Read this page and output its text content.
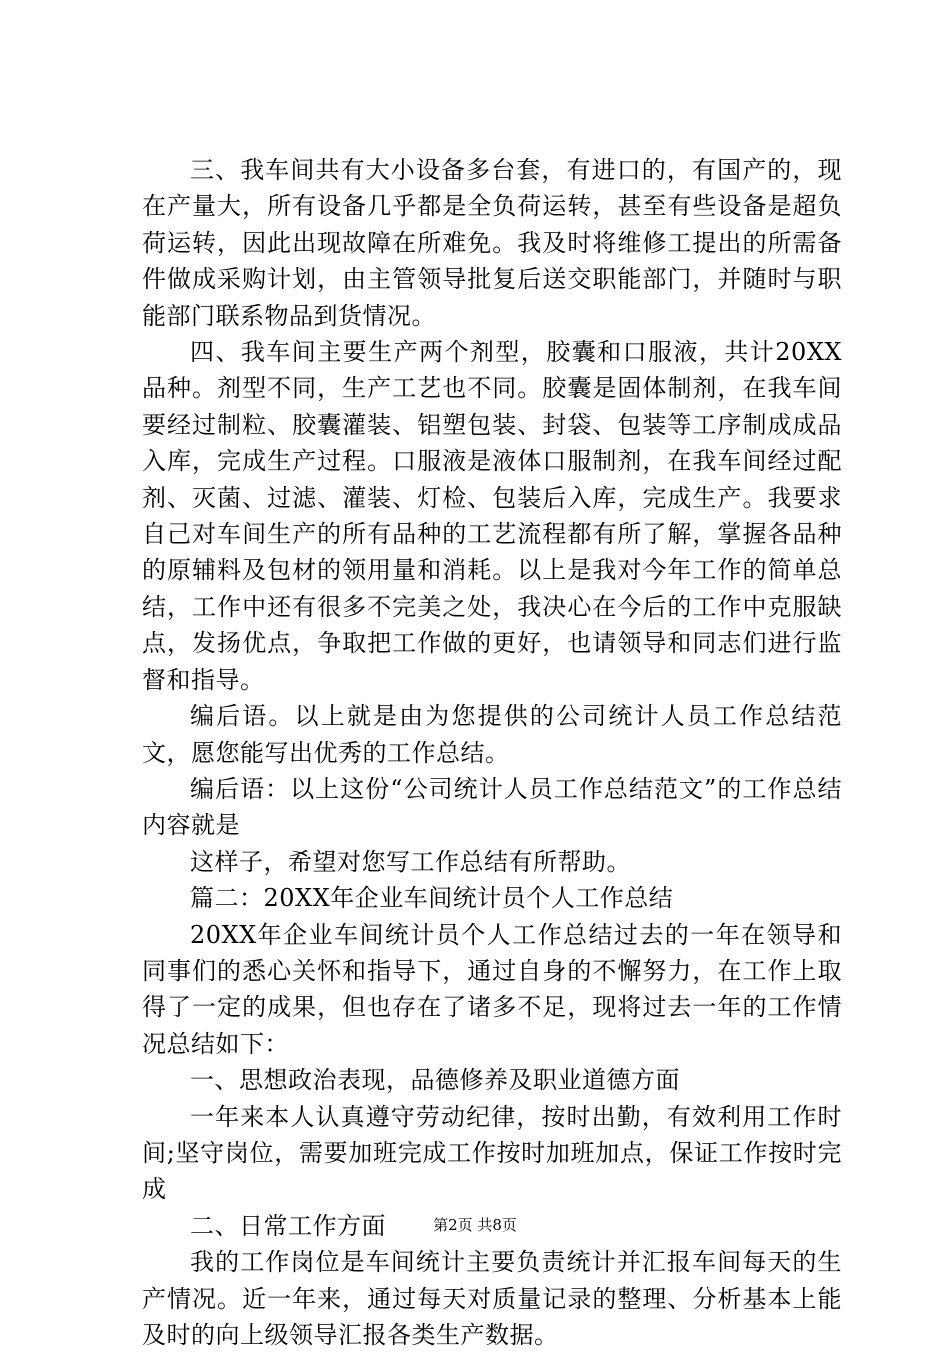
三、我车间共有大小设备多台套，有进口的，有国产的，现在产量大，所有设备几乎都是全负荷运转，甚至有些设备是超负荷运转，因此出现故障在所难免。我及时将维修工提出的所需备件做成采购计划，由主管领导批复后送交职能部门，并随时与职能部门联系物品到货情况。

四、我车间主要生产两个剂型，胶囊和口服液，共计20XX品种。剂型不同，生产工艺也不同。胶囊是固体制剂，在我车间要经过制粒、胶囊灌装、铝塑包装、封袋、包装等工序制成成品入库，完成生产过程。口服液是液体口服制剂，在我车间经过配剂、灭菌、过滤、灌装、灯检、包装后入库，完成生产。我要求自己对车间生产的所有品种的工艺流程都有所了解，掌握各品种的原辅料及包材的领用量和消耗。以上是我对今年工作的简单总结，工作中还有很多不完美之处，我决心在今后的工作中克服缺点，发扬优点，争取把工作做的更好，也请领导和同志们进行监督和指导。

编后语。以上就是由为您提供的公司统计人员工作总结范文，愿您能写出优秀的工作总结。

编后语：以上这份“公司统计人员工作总结范文”的工作总结内容就是

这样子，希望对您写工作总结有所帮助。

篇二：20XX年企业车间统计员个人工作总结

20XX年企业车间统计员个人工作总结过去的一年在领导和同事们的悉心关怀和指导下，通过自身的不懈努力，在工作上取得了一定的成果，但也存在了诸多不足，现将过去一年的工作情况总结如下：

一、思想政治表现，品德修养及职业道德方面

一年来本人认真遵守劳动纪律，按时出勤，有效利用工作时间;坚守岗位，需要加班完成工作按时加班加点，保证工作按时完成

二、日常工作方面

我的工作岗位是车间统计主要负责统计并汇报车间每天的生产情况。近一年来，通过每天对质量记录的整理、分析基本上能及时的向上级领导汇报各类生产数据。

第2页 共8页
